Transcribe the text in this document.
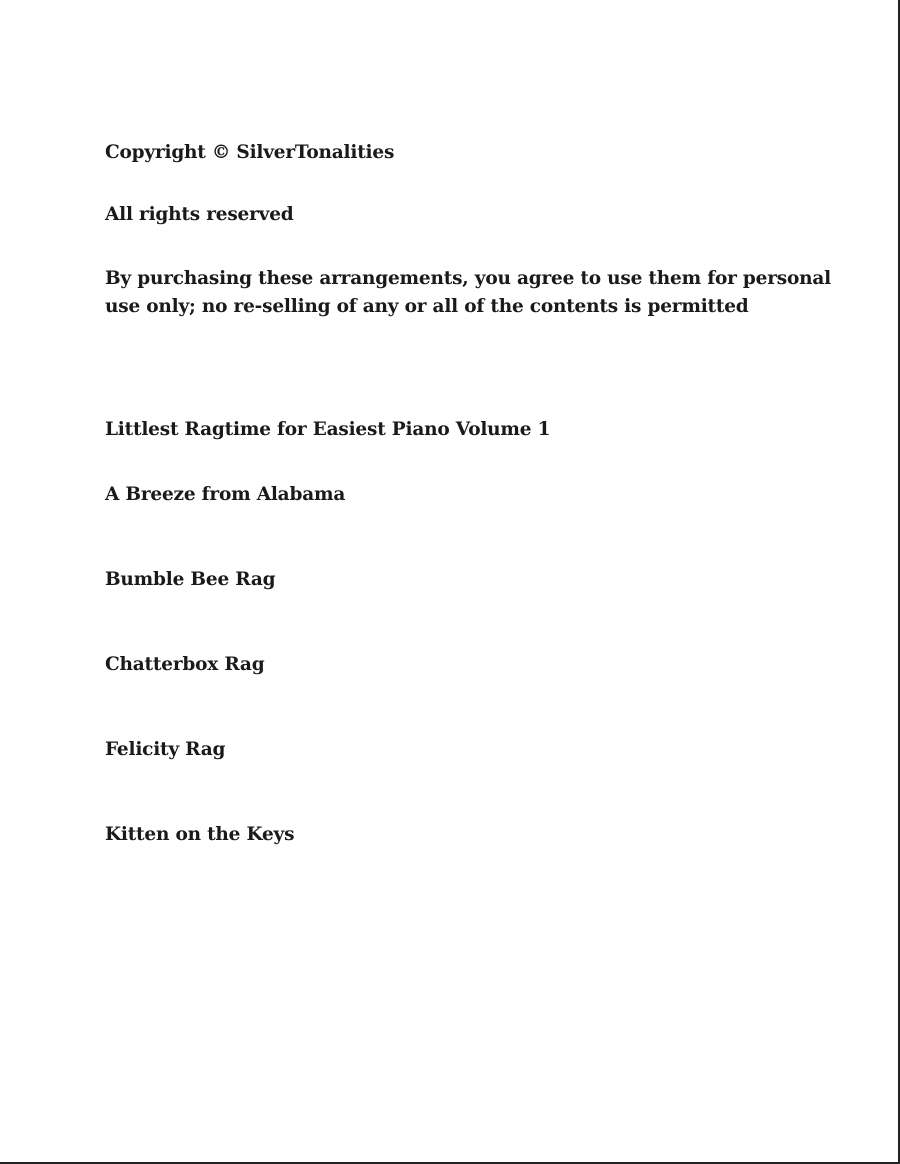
Copyright © SilverTonalities

All rights reserved

By purchasing these arrangements, you agree to use them for personal

use only; no re-selling of any or all of the contents is permitted

Littlest Ragtime for Easiest Piano Volume 1

A Breeze from Alabama

Bumble Bee Rag

Chatterbox Rag

Felicity Rag

Kitten on the Keys
